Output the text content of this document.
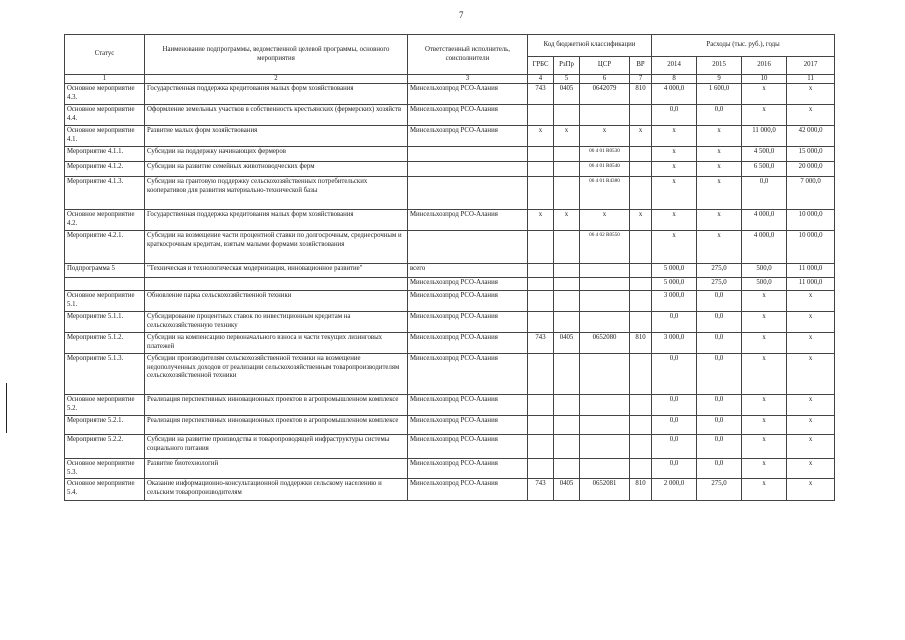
7
Статус	Наименование подпрограммы, ведомственной целевой программы, основного мероприятия	Ответственный исполнитель, соисполнители	Код бюджетной классификации				Расходы (тыс. руб.), годы			
			ГРБС	РзПр	ЦСР	ВР	2014	2015	2016	2017
1	2	3	4	5	6	7	8	9	10	11
Основное мероприятие 4.3.	Государственная поддержка кредитования малых форм хозяйствования	Минсельхозпрод РСО-Алания	743	0405	0642079	810	4 000,0	1 600,0	x	x
Основное мероприятие 4.4.	Оформление земельных участков в собственность крестьянских (фермерских) хозяйств	Минсельхозпрод РСО-Алания					0,0	0,0	x	x
Основное мероприятие 4.1.	Развитие малых форм хозяйствования	Минсельхозпрод РСО-Алания	x	x	x	x	x	x	11 000,0	42 000,0
Мероприятие 4.1.1.	Субсидии на поддержку начинающих фермеров				06 4 01 R0530		x	x	4 500,0	15 000,0
Мероприятие 4.1.2.	Субсидии на развитие семейных животноводческих ферм				06 4 01 R0540		x	x	6 500,0	20 000,0
Мероприятие 4.1.3.	Субсидии на грантовую поддержку сельскохозяйственных потребительских кооперативов для развития материально-технической базы				06 4 01 R4380		x	x	0,0	7 000,0
Основное мероприятие 4.2.	Государственная поддержка кредитования малых форм хозяйствования	Минсельхозпрод РСО-Алания	x	x	x	x	x	x	4 000,0	10 000,0
Мероприятие 4.2.1.	Субсидии на возмещение части процентной ставки по долгосрочным, среднесрочным и краткосрочным кредитам, взятым малыми формами хозяйствования				06 4 02 R0550		x	x	4 000,0	10 000,0
Подпрограмма 5	"Техническая и технологическая модернизация, инновационное развитие"	всего					5 000,0	275,0	500,0	11 000,0
		Минсельхозпрод РСО-Алания					5 000,0	275,0	500,0	11 000,0
Основное мероприятие 5.1.	Обновление парка сельскохозяйственной техники	Минсельхозпрод РСО-Алания					3 000,0	0,0	x	x
Мероприятие 5.1.1.	Субсидирование процентных ставок по инвестиционным кредитам на сельскохозяйственную технику	Минсельхозпрод РСО-Алания					0,0	0,0	x	x
Мероприятие 5.1.2.	Субсидии на компенсацию первоначального взноса и части текущих лизинговых платежей	Минсельхозпрод РСО-Алания	743	0405	0652080	810	3 000,0	0,0	x	x
Мероприятие 5.1.3.	Субсидии производителям сельскохозяйственной техники на возмещение недополученных доходов от реализации сельскохозяйственным товаропроизводителям сельскохозяйственной техники	Минсельхозпрод РСО-Алания					0,0	0,0	x	x
Основное мероприятие 5.2.	Реализация перспективных инновационных проектов в агропромышленном комплексе	Минсельхозпрод РСО-Алания					0,0	0,0	x	x
Мероприятие 5.2.1.	Реализация перспективных инновационных проектов в агропромышленном комплексе	Минсельхозпрод РСО-Алания					0,0	0,0	x	x
Мероприятие 5.2.2.	Субсидии на развитие производства и товаропроводящей инфраструктуры системы социального питания	Минсельхозпрод РСО-Алания					0,0	0,0	x	x
Основное мероприятие 5.3.	Развитие биотехнологий	Минсельхозпрод РСО-Алания					0,0	0,0	x	x
Основное мероприятие 5.4.	Оказание информационно-консультационной поддержки сельскому населению и сельским товаропроизводителям	Минсельхозпрод РСО-Алания	743	0405	0652081	810	2 000,0	275,0	x	x
